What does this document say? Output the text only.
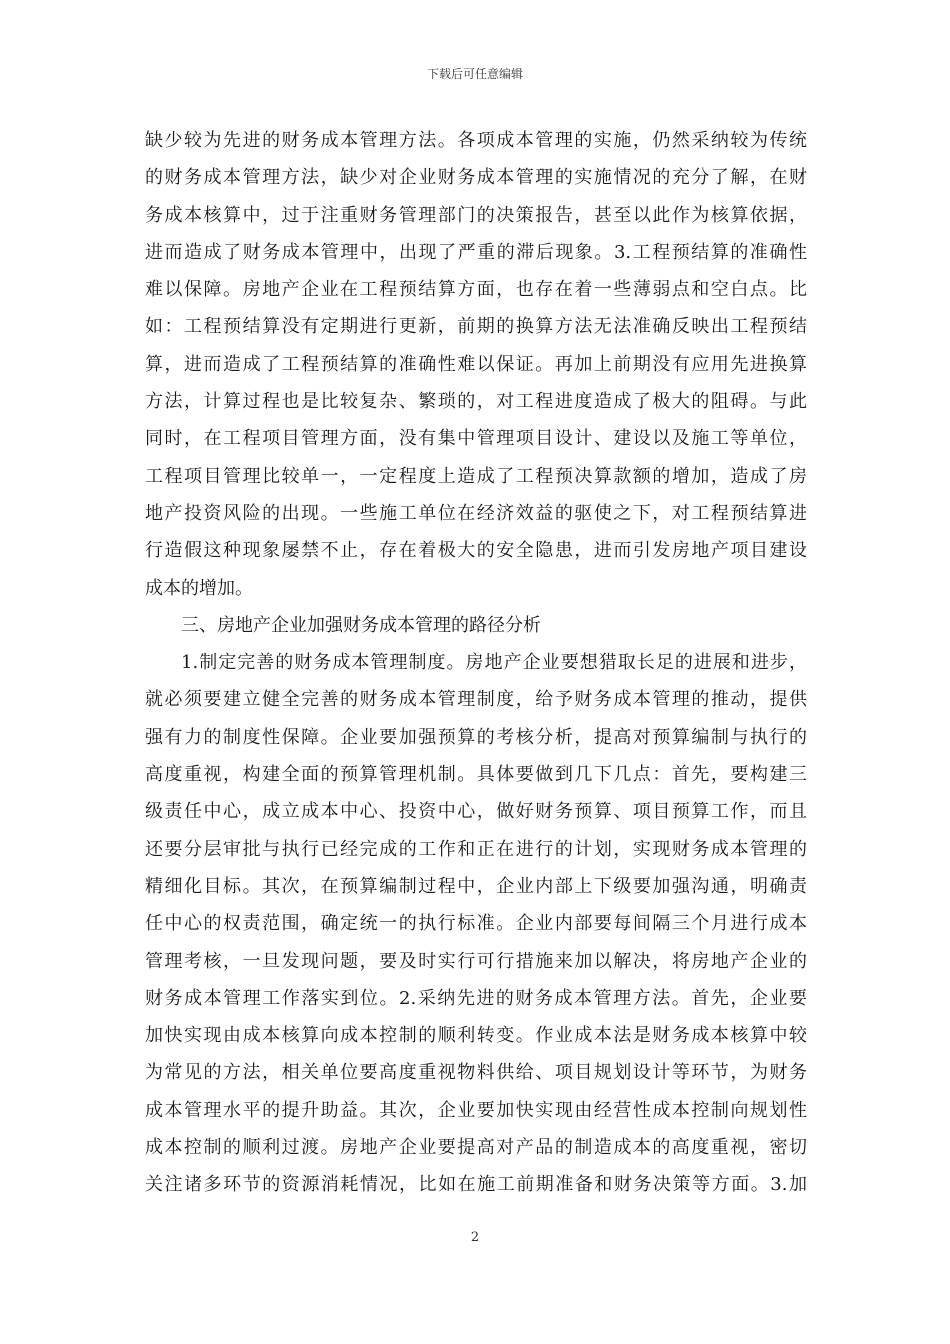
下载后可任意编辑
缺少较为先进的财务成本管理方法。各项成本管理的实施，仍然采纳较为传统
的财务成本管理方法，缺少对企业财务成本管理的实施情况的充分了解，在财
务成本核算中，过于注重财务管理部门的决策报告，甚至以此作为核算依据，
进而造成了财务成本管理中，出现了严重的滞后现象。3.工程预结算的准确性
难以保障。房地产企业在工程预结算方面，也存在着一些薄弱点和空白点。比
如：工程预结算没有定期进行更新，前期的换算方法无法准确反映出工程预结
算，进而造成了工程预结算的准确性难以保证。再加上前期没有应用先进换算
方法，计算过程也是比较复杂、繁琐的，对工程进度造成了极大的阻碍。与此
同时，在工程项目管理方面，没有集中管理项目设计、建设以及施工等单位，
工程项目管理比较单一，一定程度上造成了工程预决算款额的增加，造成了房
地产投资风险的出现。一些施工单位在经济效益的驱使之下，对工程预结算进
行造假这种现象屡禁不止，存在着极大的安全隐患，进而引发房地产项目建设
成本的增加。
三、房地产企业加强财务成本管理的路径分析
1.制定完善的财务成本管理制度。房地产企业要想猎取长足的进展和进步，
就必须要建立健全完善的财务成本管理制度，给予财务成本管理的推动，提供
强有力的制度性保障。企业要加强预算的考核分析，提高对预算编制与执行的
高度重视，构建全面的预算管理机制。具体要做到几下几点：首先，要构建三
级责任中心，成立成本中心、投资中心，做好财务预算、项目预算工作，而且
还要分层审批与执行已经完成的工作和正在进行的计划，实现财务成本管理的
精细化目标。其次，在预算编制过程中，企业内部上下级要加强沟通，明确责
任中心的权责范围，确定统一的执行标准。企业内部要每间隔三个月进行成本
管理考核，一旦发现问题，要及时实行可行措施来加以解决，将房地产企业的
财务成本管理工作落实到位。2.采纳先进的财务成本管理方法。首先，企业要
加快实现由成本核算向成本控制的顺利转变。作业成本法是财务成本核算中较
为常见的方法，相关单位要高度重视物料供给、项目规划设计等环节，为财务
成本管理水平的提升助益。其次，企业要加快实现由经营性成本控制向规划性
成本控制的顺利过渡。房地产企业要提高对产品的制造成本的高度重视，密切
关注诸多环节的资源消耗情况，比如在施工前期准备和财务决策等方面。3.加
2
